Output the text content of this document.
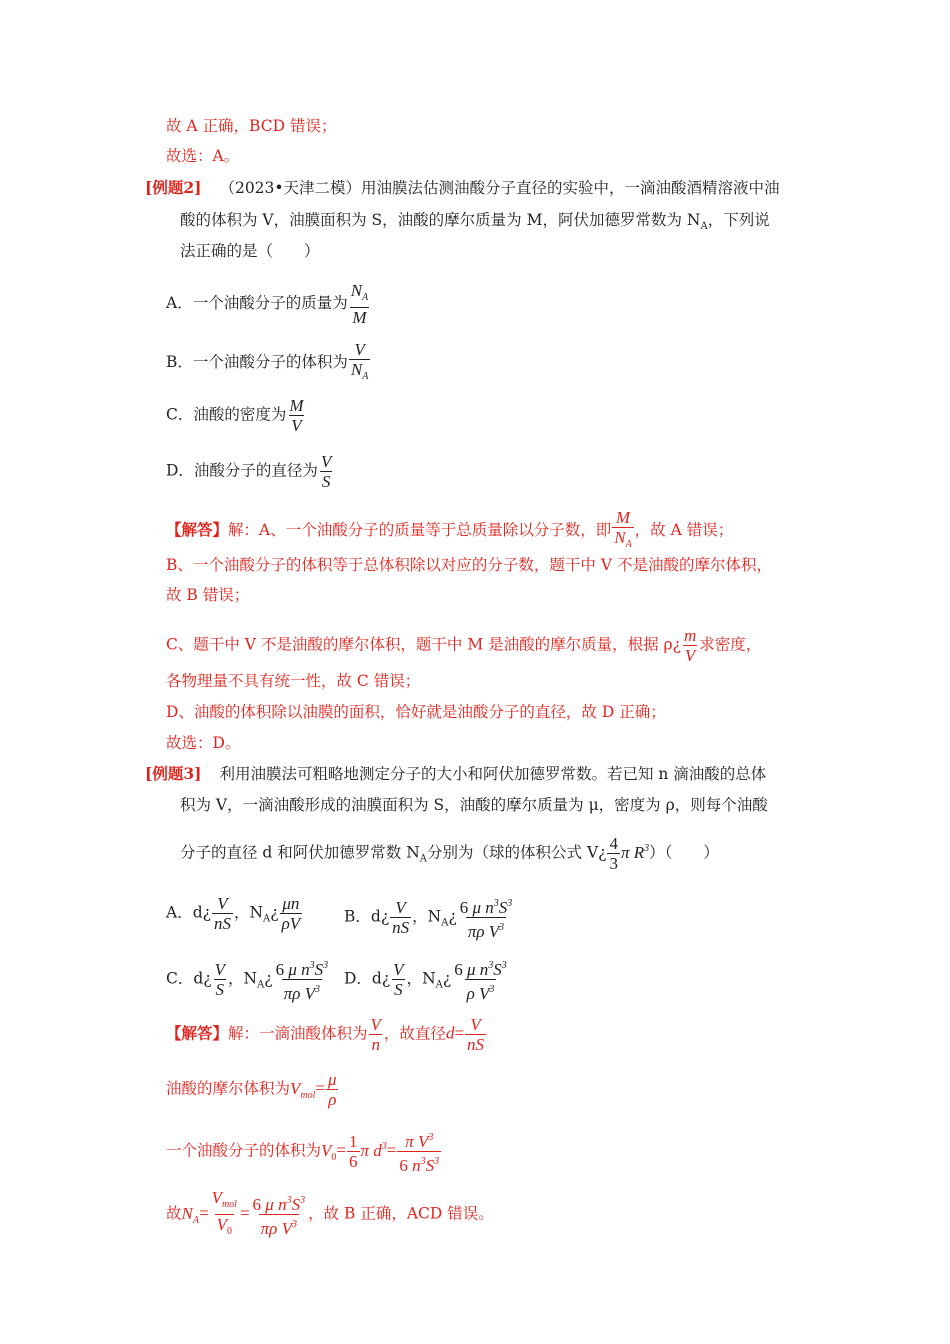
故 A 正确，BCD 错误；
故选：A。
[例题2] （2023•天津二模）用油膜法估测油酸分子直径的实验中，一滴油酸酒精溶液中油
酸的体积为 V，油膜面积为 S，油酸的摩尔质量为 M，阿伏加德罗常数为 $N_A$，下列说
法正确的是（　　）
A．一个油酸分子的质量为 $\frac{N_A}{M}$
B．一个油酸分子的体积为 $\frac{V}{N_A}$
C．油酸的密度为 $\frac{M}{V}$
D．油酸分子的直径为 $\frac{V}{S}$
【解答】解：A、一个油酸分子的质量等于总质量除以分子数，即 $\frac{M}{N_A}$ ，故 A 错误；
B、一个油酸分子的体积等于总体积除以对应的分子数，题干中 V 不是油酸的摩尔体积，
故 B 错误；
C、题干中 V 不是油酸的摩尔体积，题干中 M 是油酸的摩尔质量，根据 ρ¿ $\frac{m}{V}$ 求密度，
各物理量不具有统一性，故 C 错误；
D、油酸的体积除以油膜的面积，恰好就是油酸分子的直径，故 D 正确；
故选：D。
[例题3] 利用油膜法可粗略地测定分子的大小和阿伏加德罗常数。若已知 n 滴油酸的总体
积为 V，一滴油酸形成的油膜面积为 S，油酸的摩尔质量为 μ，密度为 ρ，则每个油酸
分子的直径 d 和阿伏加德罗常数 $N_A$分别为（球的体积公式 V¿ $\frac{4}{3}$ π $R^3$）（　　）
A．d¿ $\frac{V}{nS}$ ，$N_A¿ \frac{\mu n}{\rho V}$	B．d¿ $\frac{V}{nS}$ ，$N_A¿ \frac{6 \mu n^3S^3}{\pi\rho V^3}$
C．d¿ $\frac{V}{S}$ ，$N_A¿ \frac{6 \mu n^3S^3}{\pi\rho V^3}$ D．d¿ $\frac{V}{S}$ ，$N_A¿ \frac{6 \mu n^3S^3}{\rho V^3}$
【解答】解：一滴油酸体积为 $\frac{V}{n}$ ，故直径$d= \frac{V}{nS}$
油酸的摩尔体积为$V_{mol}= \frac{\mu}{\rho}$
一个油酸分子的体积为$V_0= \frac{1}{6}$ π $d^3= \frac{\pi V^3}{6 n^3S^3}$
故$N_A= \frac{V_{mol}}{V_0} = \frac{6 \mu n^3S^3}{\pi\rho V^3}$ ，故 B 正确，ACD 错误。
